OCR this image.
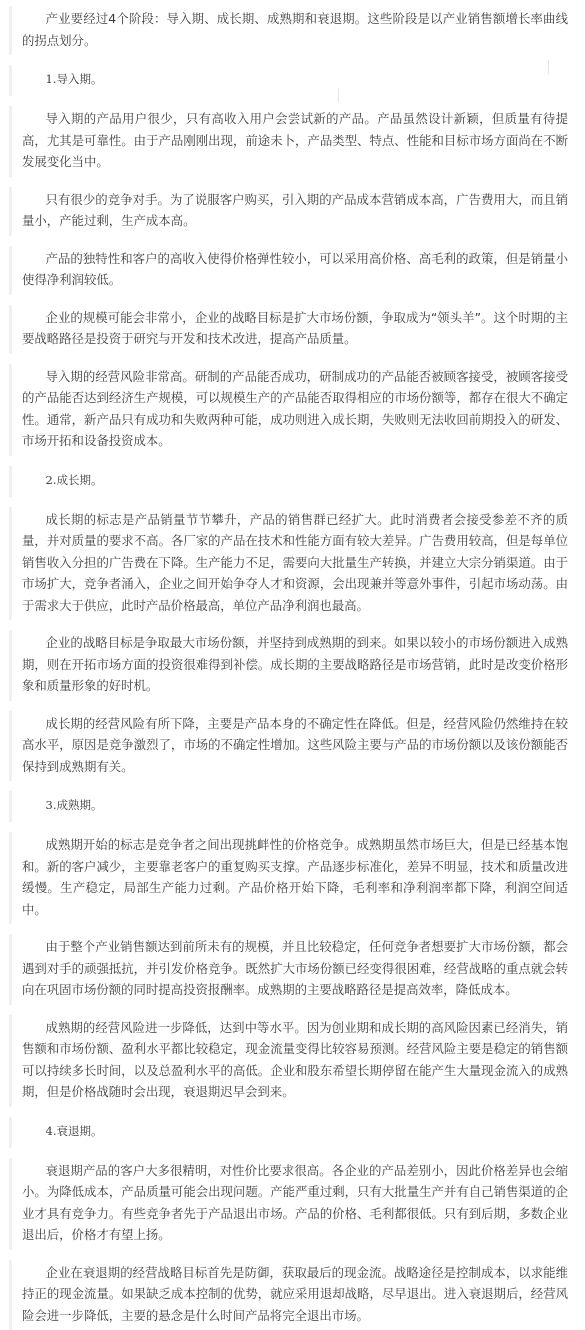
产业要经过4个阶段：导入期、成长期、成熟期和衰退期。这些阶段是以产业销售额增长率曲线的拐点划分。

1.导入期。

导入期的产品用户很少，只有高收入用户会尝试新的产品。产品虽然设计新颖，但质量有待提高，尤其是可靠性。由于产品刚刚出现，前途未卜，产品类型、特点、性能和目标市场方面尚在不断发展变化当中。

只有很少的竞争对手。为了说服客户购买，引入期的产品成本营销成本高，广告费用大，而且销量小，产能过剩，生产成本高。

产品的独特性和客户的高收入使得价格弹性较小，可以采用高价格、高毛利的政策，但是销量小使得净利润较低。

企业的规模可能会非常小，企业的战略目标是扩大市场份额，争取成为“领头羊”。这个时期的主要战略路径是投资于研究与开发和技术改进，提高产品质量。

导入期的经营风险非常高。研制的产品能否成功，研制成功的产品能否被顾客接受，被顾客接受的产品能否达到经济生产规模，可以规模生产的产品能否取得相应的市场份额等，都存在很大不确定性。通常，新产品只有成功和失败两种可能，成功则进入成长期，失败则无法收回前期投入的研发、市场开拓和设备投资成本。

2.成长期。

成长期的标志是产品销量节节攀升，产品的销售群已经扩大。此时消费者会接受参差不齐的质量，并对质量的要求不高。各厂家的产品在技术和性能方面有较大差异。广告费用较高，但是每单位销售收入分担的广告费在下降。生产能力不足，需要向大批量生产转换，并建立大宗分销渠道。由于市场扩大，竞争者涌入，企业之间开始争夺人才和资源，会出现兼并等意外事件，引起市场动荡。由于需求大于供应，此时产品价格最高，单位产品净利润也最高。

企业的战略目标是争取最大市场份额，并坚持到成熟期的到来。如果以较小的市场份额进入成熟期，则在开拓市场方面的投资很难得到补偿。成长期的主要战略路径是市场营销，此时是改变价格形象和质量形象的好时机。

成长期的经营风险有所下降，主要是产品本身的不确定性在降低。但是，经营风险仍然维持在较高水平，原因是竞争激烈了，市场的不确定性增加。这些风险主要与产品的市场份额以及该份额能否保持到成熟期有关。

3.成熟期。

成熟期开始的标志是竞争者之间出现挑衅性的价格竞争。成熟期虽然市场巨大，但是已经基本饱和。新的客户减少，主要靠老客户的重复购买支撑。产品逐步标准化，差异不明显，技术和质量改进缓慢。生产稳定，局部生产能力过剩。产品价格开始下降，毛利率和净利润率都下降，利润空间适中。

由于整个产业销售额达到前所未有的规模，并且比较稳定，任何竞争者想要扩大市场份额，都会遇到对手的顽强抵抗，并引发价格竞争。既然扩大市场份额已经变得很困难，经营战略的重点就会转向在巩固市场份额的同时提高投资报酬率。成熟期的主要战略路径是提高效率，降低成本。

成熟期的经营风险进一步降低，达到中等水平。因为创业期和成长期的高风险因素已经消失，销售额和市场份额、盈利水平都比较稳定，现金流量变得比较容易预测。经营风险主要是稳定的销售额可以持续多长时间，以及总盈利水平的高低。企业和股东希望长期停留在能产生大量现金流入的成熟期，但是价格战随时会出现，衰退期迟早会到来。

4.衰退期。

衰退期产品的客户大多很精明，对性价比要求很高。各企业的产品差别小，因此价格差异也会缩小。为降低成本，产品质量可能会出现问题。产能严重过剩，只有大批量生产并有自己销售渠道的企业才具有竞争力。有些竞争者先于产品退出市场。产品的价格、毛利都很低。只有到后期，多数企业退出后，价格才有望上扬。

企业在衰退期的经营战略目标首先是防御，获取最后的现金流。战略途径是控制成本，以求能维持正的现金流量。如果缺乏成本控制的优势，就应采用退却战略，尽早退出。进入衰退期后，经营风险会进一步降低，主要的悬念是什么时间产品将完全退出市场。
